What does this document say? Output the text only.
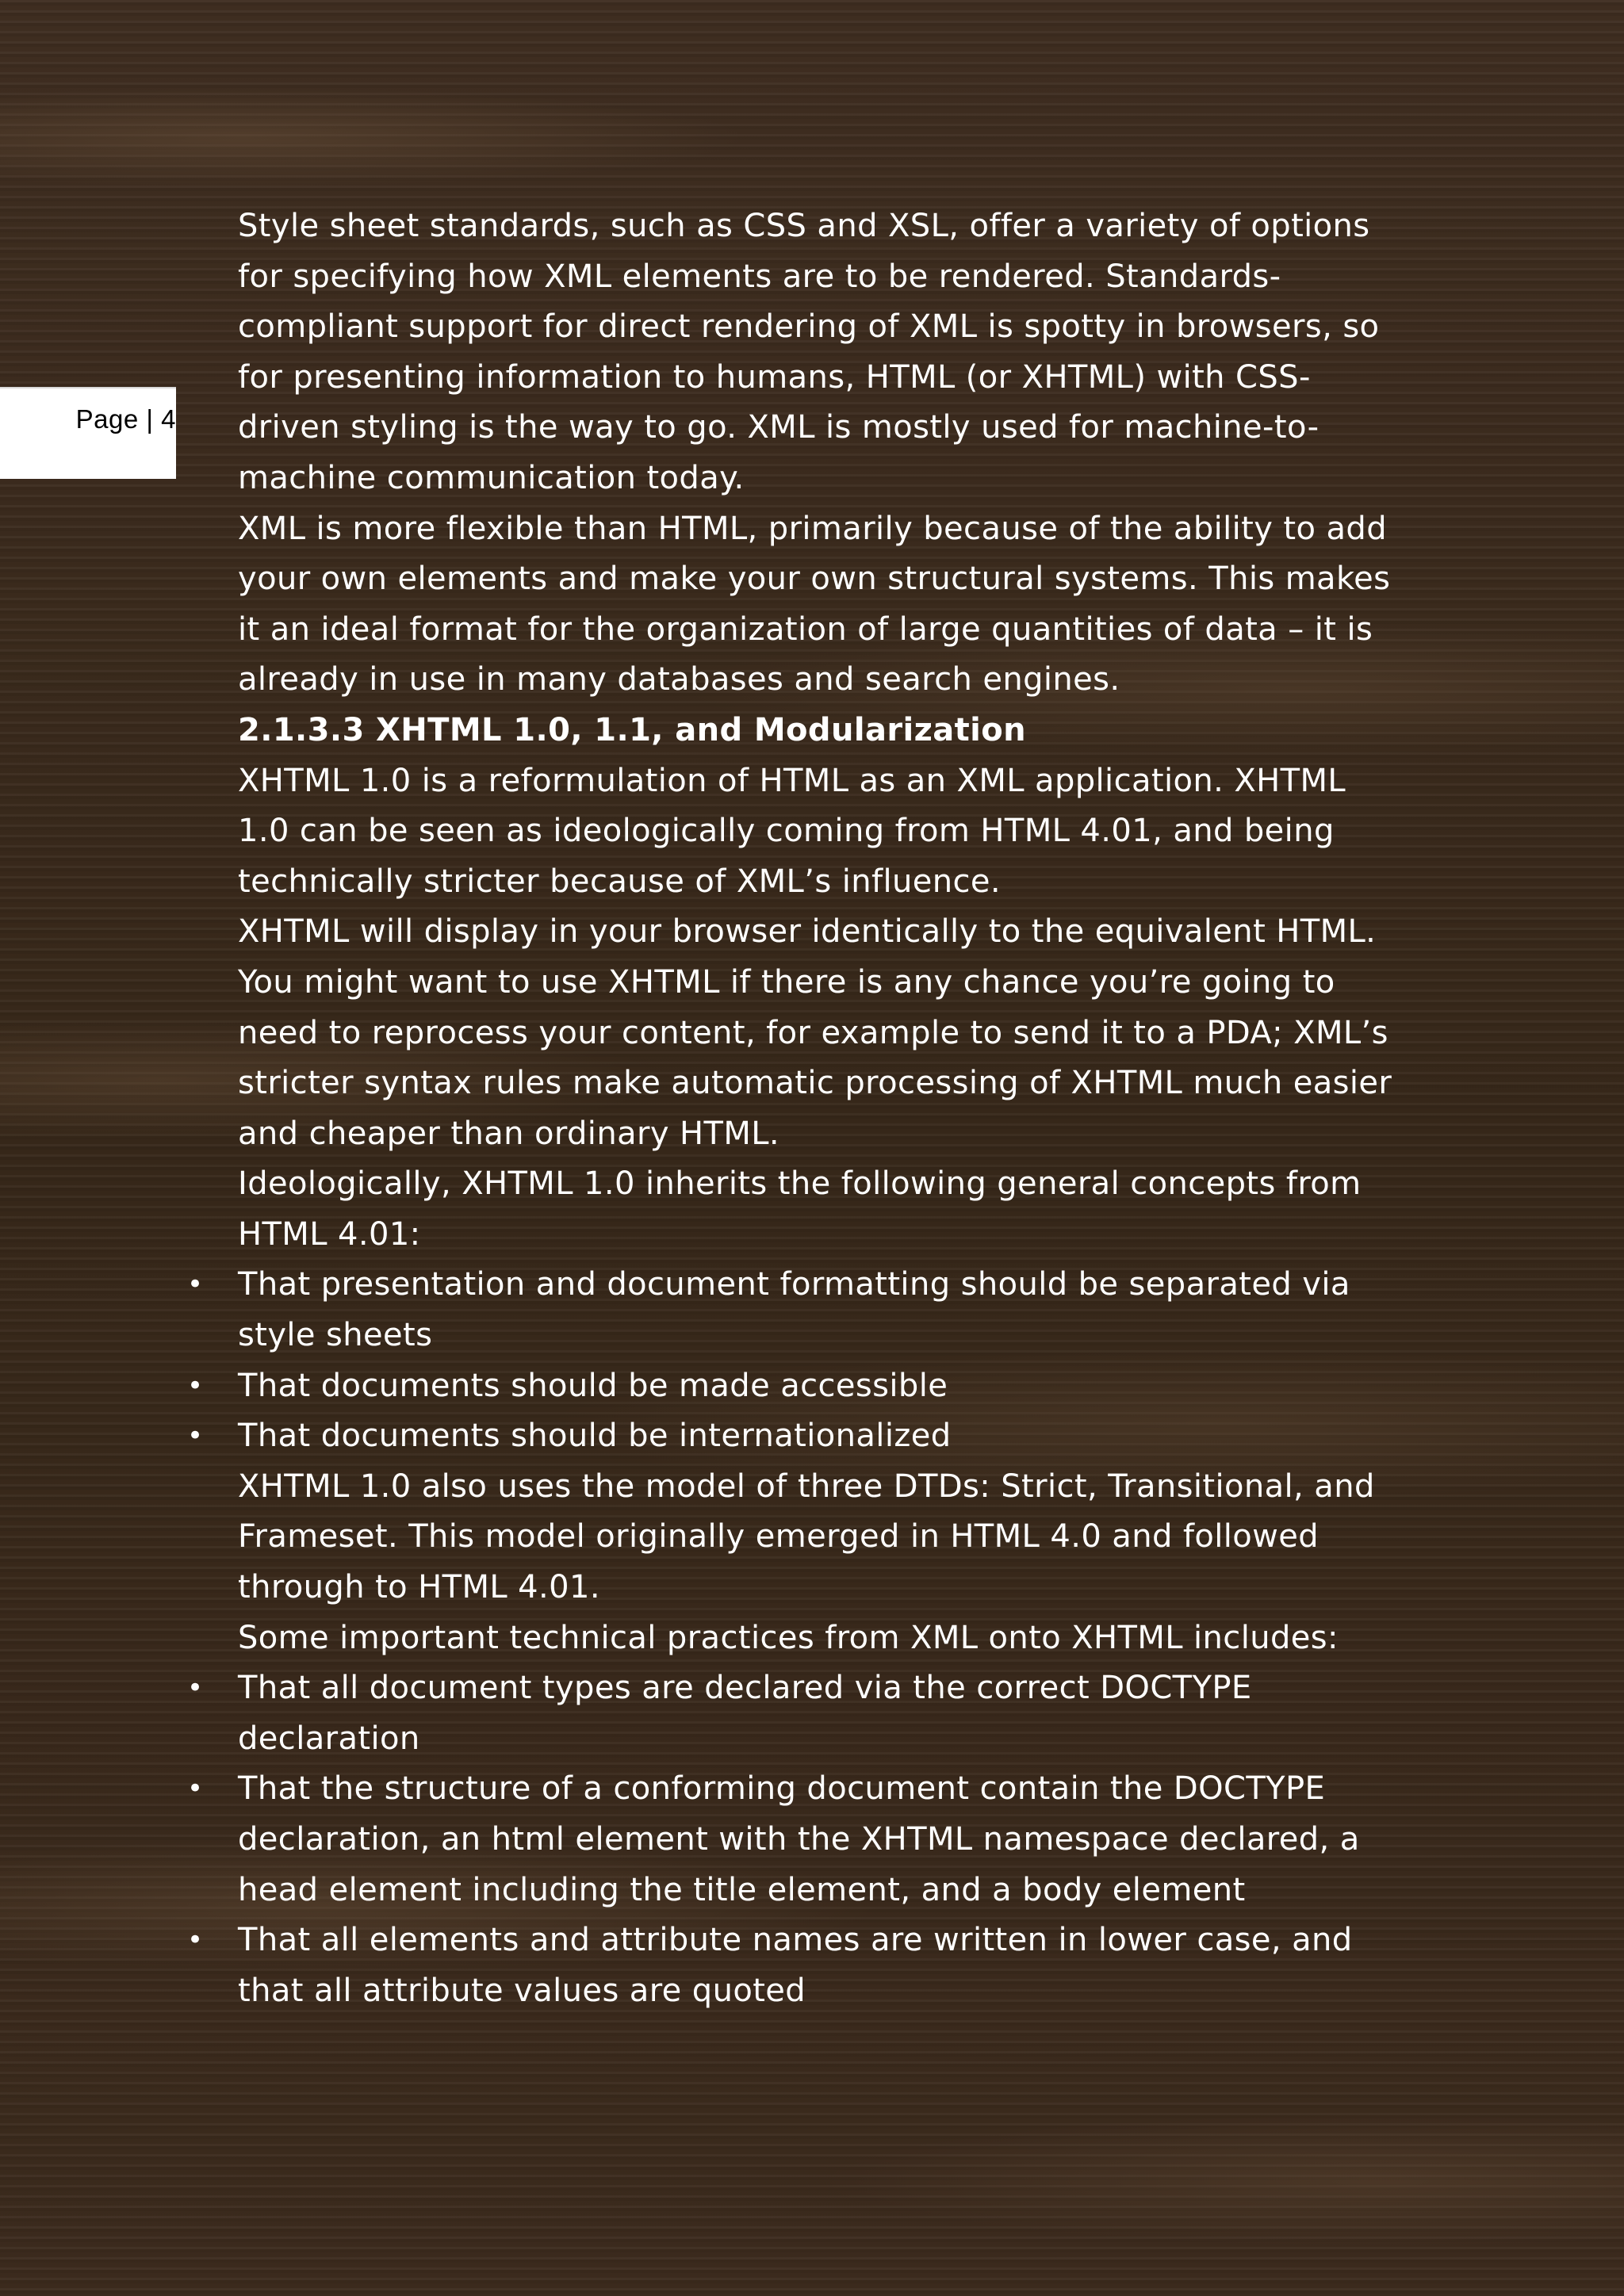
Page | 4

Style sheet standards, such as CSS and XSL, offer a variety of options for specifying how XML elements are to be rendered. Standards-compliant support for direct rendering of XML is spotty in browsers, so for presenting information to humans, HTML (or XHTML) with CSS-driven styling is the way to go. XML is mostly used for machine-to-machine communication today.

XML is more flexible than HTML, primarily because of the ability to add your own elements and make your own structural systems. This makes it an ideal format for the organization of large quantities of data – it is already in use in many databases and search engines.

2.1.3.3 XHTML 1.0, 1.1, and Modularization

XHTML 1.0 is a reformulation of HTML as an XML application. XHTML 1.0 can be seen as ideologically coming from HTML 4.01, and being technically stricter because of XML’s influence.

XHTML will display in your browser identically to the equivalent HTML. You might want to use XHTML if there is any chance you’re going to need to reprocess your content, for example to send it to a PDA; XML’s stricter syntax rules make automatic processing of XHTML much easier and cheaper than ordinary HTML.

Ideologically, XHTML 1.0 inherits the following general concepts from HTML 4.01:

• That presentation and document formatting should be separated via style sheets
• That documents should be made accessible
• That documents should be internationalized

XHTML 1.0 also uses the model of three DTDs: Strict, Transitional, and Frameset. This model originally emerged in HTML 4.0 and followed through to HTML 4.01.

Some important technical practices from XML onto XHTML includes:

• That all document types are declared via the correct DOCTYPE declaration
• That the structure of a conforming document contain the DOCTYPE declaration, an html element with the XHTML namespace declared, a head element including the title element, and a body element
• That all elements and attribute names are written in lower case, and that all attribute values are quoted
